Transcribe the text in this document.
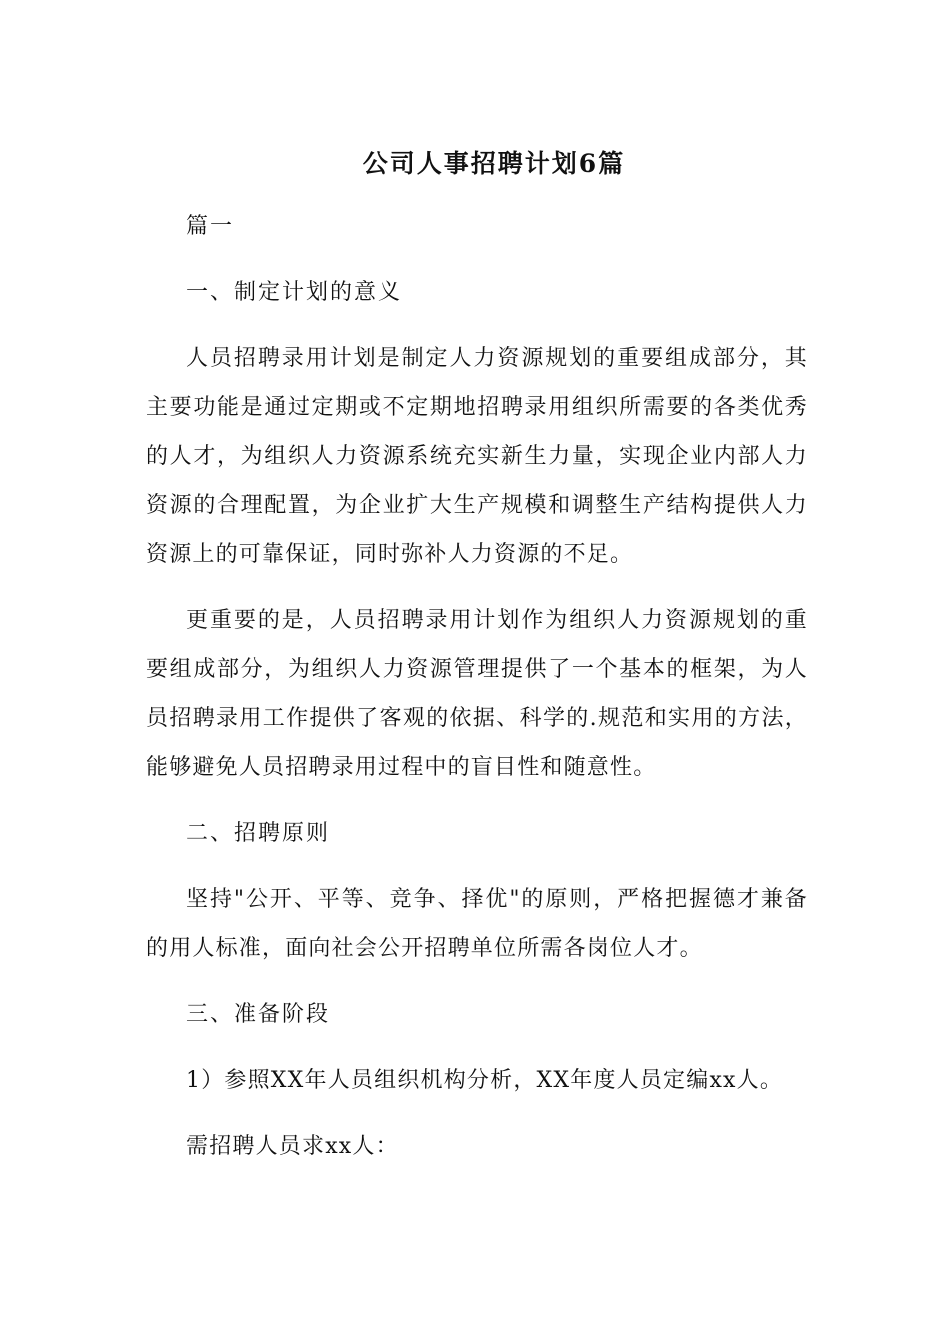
公司人事招聘计划6篇

篇一

一、制定计划的意义

人员招聘录用计划是制定人力资源规划的重要组成部分，其主要功能是通过定期或不定期地招聘录用组织所需要的各类优秀的人才，为组织人力资源系统充实新生力量，实现企业内部人力资源的合理配置，为企业扩大生产规模和调整生产结构提供人力资源上的可靠保证，同时弥补人力资源的不足。

更重要的是，人员招聘录用计划作为组织人力资源规划的重要组成部分，为组织人力资源管理提供了一个基本的框架，为人员招聘录用工作提供了客观的依据、科学的.规范和实用的方法，能够避免人员招聘录用过程中的盲目性和随意性。

二、招聘原则

坚持"公开、平等、竞争、择优"的原则，严格把握德才兼备的用人标准，面向社会公开招聘单位所需各岗位人才。

三、准备阶段

1）参照XX年人员组织机构分析，XX年度人员定编xx人。

需招聘人员求xx人：
